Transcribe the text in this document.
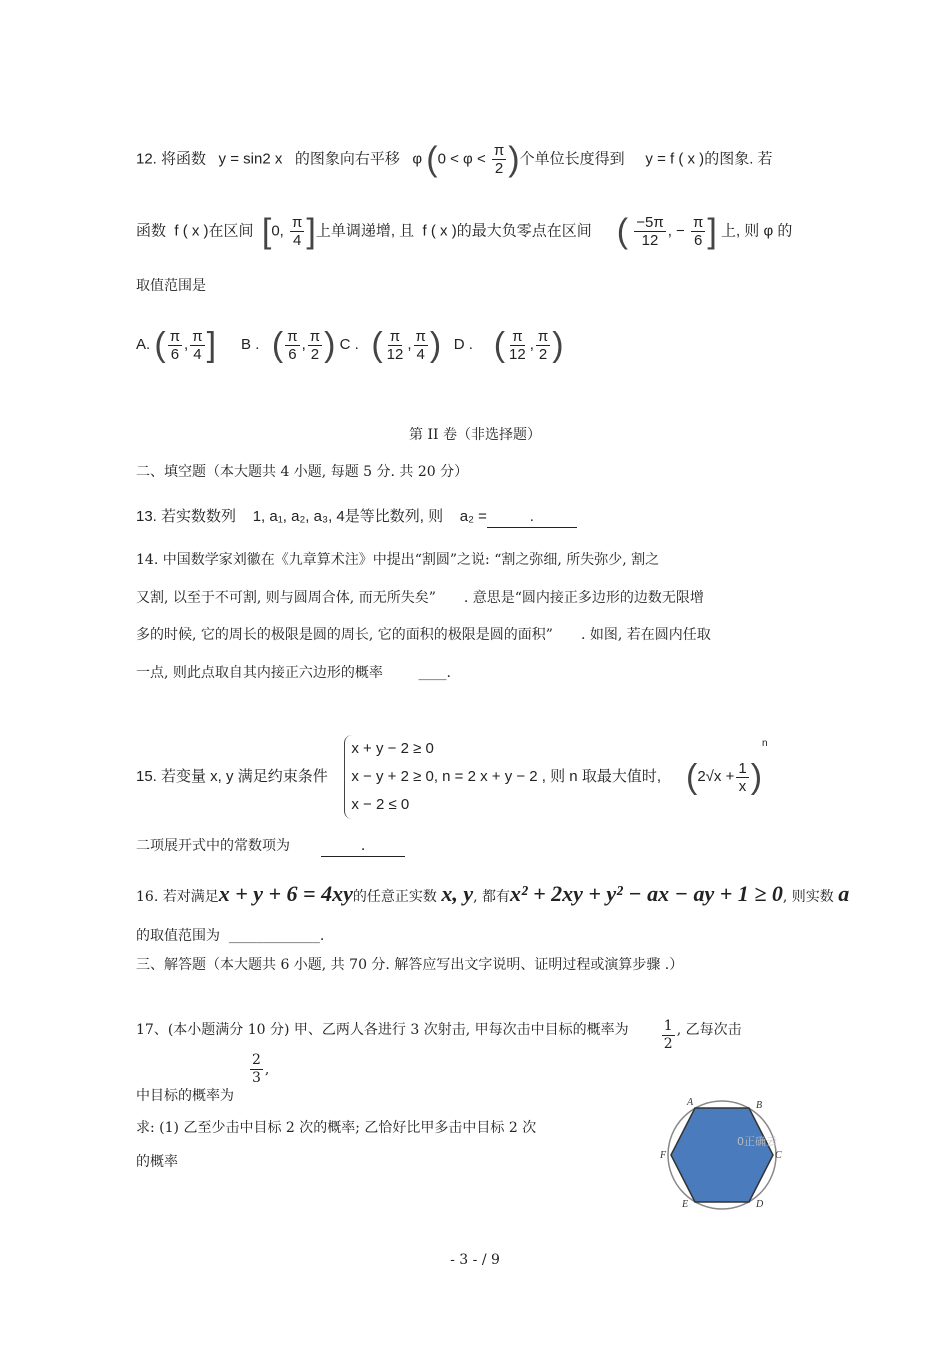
12. 将函数 y = sin2 x 的图象向右平移 φ ($0 < \varphi < \frac{\pi}{2}$ )个单位长度得到 y = f ( x )的图象. 若
函数 f ( x )在区间 [0, $\frac{\pi}{4}$ ]上单调递增, 且 f ( x )的最大负零点在区间 ( $\frac{-5\pi}{12}$ , − $\frac{\pi}{6}$ ] 上, 则 φ 的
取值范围是
A. ( $\frac{\pi}{6}$ , $\frac{\pi}{4}$ ] B . ( $\frac{\pi}{6}$ , $\frac{\pi}{2}$ ) C . ( $\frac{\pi}{12}$ , $\frac{\pi}{4}$ ) D . ( $\frac{\pi}{12}$ , $\frac{\pi}{2}$ )
第 II 卷（非选择题）
二、填空题（本大题共 4 小题, 每题 5 分. 共 20 分）
13. 若实数数列 1, a₁, a₂, a₃, 4是等比数列, 则 a₂ =	.
14. 中国数学家刘徽在《九章算术注》中提出“割圆”之说: “割之弥细, 所失弥少, 割之
又割, 以至于不可割, 则与圆周合体, 而无所失矣”　　. 意思是“圆内接正多边形的边数无限增
多的时候, 它的周长的极限是圆的周长, 它的面积的极限是圆的面积”　　. 如图, 若在圆内任取
一点, 则此点取自其内接正六边形的概率	____.
15. 若变量 x, y 满足约束条件

x + y − 2 ≥ 0
x − y + 2 ≥ 0
x − 2 ≤ 0
, n = 2 x + y − 2 , 则 n 取最大值时,
( $2√x + \frac{1}{x}$ )
n
二项展开式中的常数项为	.
16. 若对满足x + y + 6 = 4xy的任意正实数 x, y, 都有x² + 2xy + y² − ax − ay + 1 ≥ 0, 则实数 a
的取值范围为 _____________.
三、解答题（本大题共 6 小题, 共 70 分. 解答应写出文字说明、证明过程或演算步骤 .）
17、(本小题满分 10 分) 甲、乙两人各进行 3 次射击, 甲每次击中目标的概率为 $\frac{1}{2}$ , 乙每次击
$\frac{2}{3}$ ,
中目标的概率为
求: (1) 乙至少击中目标 2 次的概率; 乙恰好比甲多击中目标 2 次
的概率
A	B
C
D
E
F
0正确云
- 3 - / 9
